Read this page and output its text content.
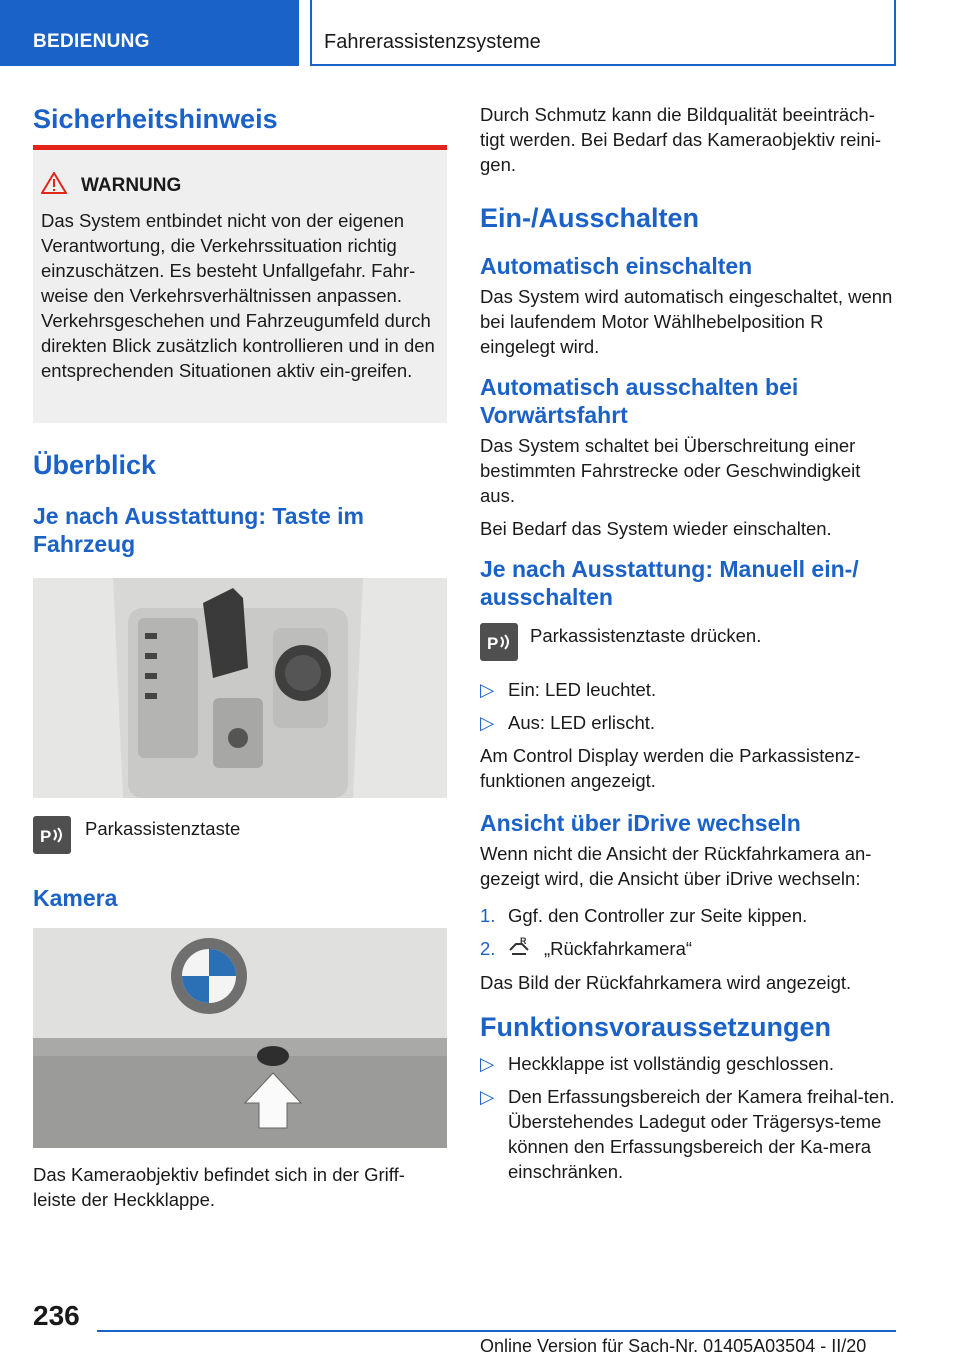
BEDIENUNG	Fahrerassistenzsysteme
Sicherheitshinweis
WARNUNG

Das System entbindet nicht von der eigenen Verantwortung, die Verkehrssituation richtig einzuschätzen. Es besteht Unfallgefahr. Fahr-weise den Verkehrsverhältnissen anpassen. Verkehrsgeschehen und Fahrzeugumfeld durch direkten Blick zusätzlich kontrollieren und in den entsprechenden Situationen aktiv ein-greifen.

Überblick
Je nach Ausstattung: Taste im Fahrzeug
P Parkassistenztaste
Kamera

Das Kameraobjektiv befindet sich in der Griff-leiste der Heckklappe.

Durch Schmutz kann die Bildqualität beeinträch-tigt werden. Bei Bedarf das Kameraobjektiv reini-gen.

Ein-/Ausschalten
Automatisch einschalten

Das System wird automatisch eingeschaltet, wenn bei laufendem Motor Wählhebelposition R eingelegt wird.

Automatisch ausschalten bei Vorwärtsfahrt

Das System schaltet bei Überschreitung einer bestimmten Fahrstrecke oder Geschwindigkeit aus.

Bei Bedarf das System wieder einschalten.

Je nach Ausstattung: Manuell ein-/ ausschalten
P Parkassistenztaste drücken.
▷ Ein: LED leuchtet.
▷ Aus: LED erlischt.

Am Control Display werden die Parkassistenz-funktionen angezeigt.

Ansicht über iDrive wechseln

Wenn nicht die Ansicht der Rückfahrkamera an-gezeigt wird, die Ansicht über iDrive wechseln:

1. Ggf. den Controller zur Seite kippen.
2.	R „Rückfahrkamera“

Das Bild der Rückfahrkamera wird angezeigt.

Funktionsvoraussetzungen
▷ Heckklappe ist vollständig geschlossen.
▷ Den Erfassungsbereich der Kamera freihal-ten. Überstehendes Ladegut oder Trägersys-teme können den Erfassungsbereich der Ka-mera einschränken.
236
Online Version für Sach-Nr. 01405A03504 - II/20
